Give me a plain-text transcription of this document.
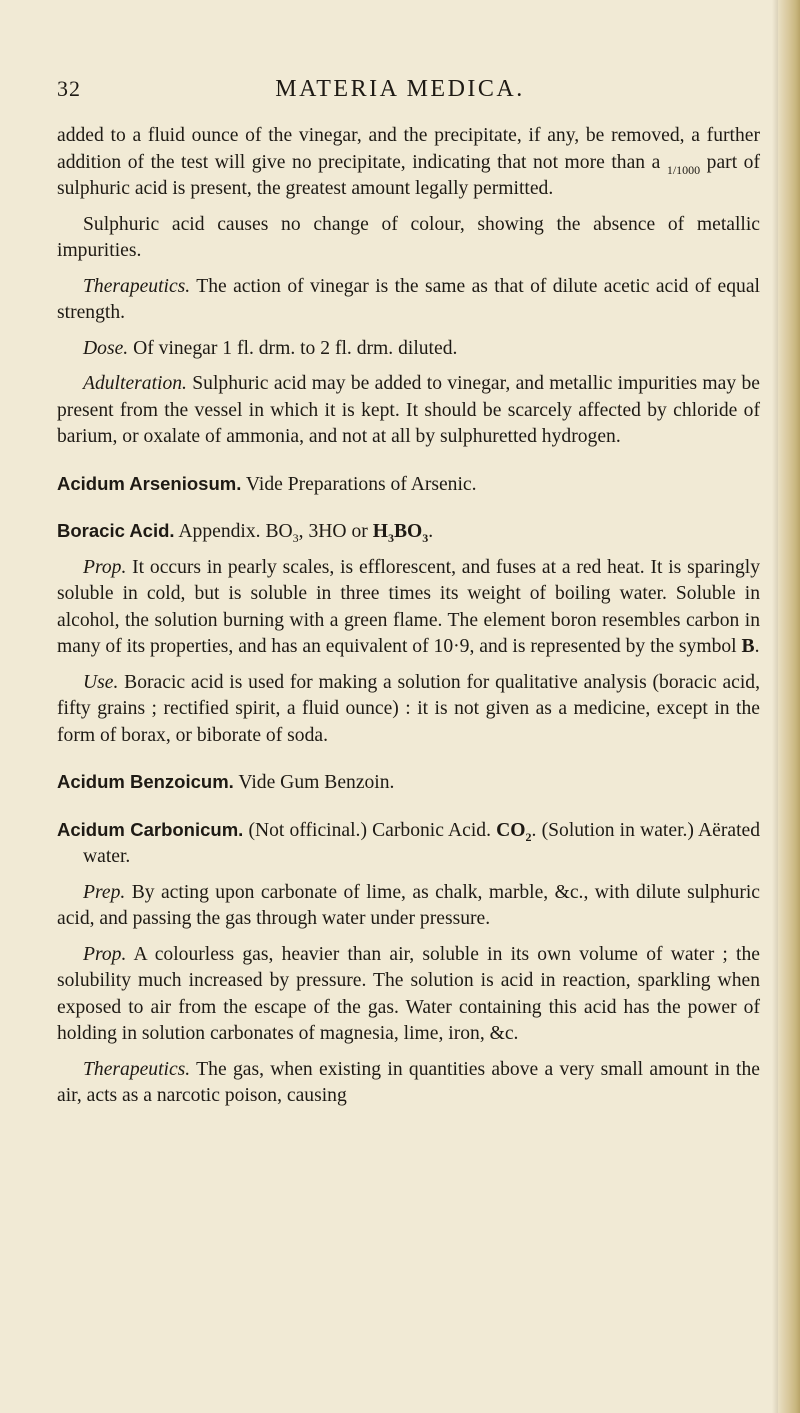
32	MATERIA MEDICA.

added to a fluid ounce of the vinegar, and the precipitate, if any, be removed, a further addition of the test will give no precipitate, indicating that not more than a 1/1000 part of sulphuric acid is present, the greatest amount legally permitted.

Sulphuric acid causes no change of colour, showing the absence of metallic impurities.

Therapeutics. The action of vinegar is the same as that of dilute acetic acid of equal strength.

Dose. Of vinegar 1 fl. drm. to 2 fl. drm. diluted.

Adulteration. Sulphuric acid may be added to vinegar, and metallic impurities may be present from the vessel in which it is kept. It should be scarcely affected by chloride of barium, or oxalate of ammonia, and not at all by sulphuretted hydrogen.

Acidum Arseniosum. Vide Preparations of Arsenic.

Boracic Acid. Appendix. $BO_3$, 3HO or $H_3BO_3$.

Prop. It occurs in pearly scales, is efflorescent, and fuses at a red heat. It is sparingly soluble in cold, but is soluble in three times its weight of boiling water. Soluble in alcohol, the solution burning with a green flame. The element boron resembles carbon in many of its properties, and has an equivalent of 10·9, and is represented by the symbol B.

Use. Boracic acid is used for making a solution for qualitative analysis (boracic acid, fifty grains ; rectified spirit, a fluid ounce) : it is not given as a medicine, except in the form of borax, or biborate of soda.

Acidum Benzoicum. Vide Gum Benzoin.

Acidum Carbonicum. (Not officinal.) Carbonic Acid. $CO_2$. (Solution in water.) Aërated water.

Prep. By acting upon carbonate of lime, as chalk, marble, &c., with dilute sulphuric acid, and passing the gas through water under pressure.

Prop. A colourless gas, heavier than air, soluble in its own volume of water ; the solubility much increased by pressure. The solution is acid in reaction, sparkling when exposed to air from the escape of the gas. Water containing this acid has the power of holding in solution carbonates of magnesia, lime, iron, &c.

Therapeutics. The gas, when existing in quantities above a very small amount in the air, acts as a narcotic poison, causing
